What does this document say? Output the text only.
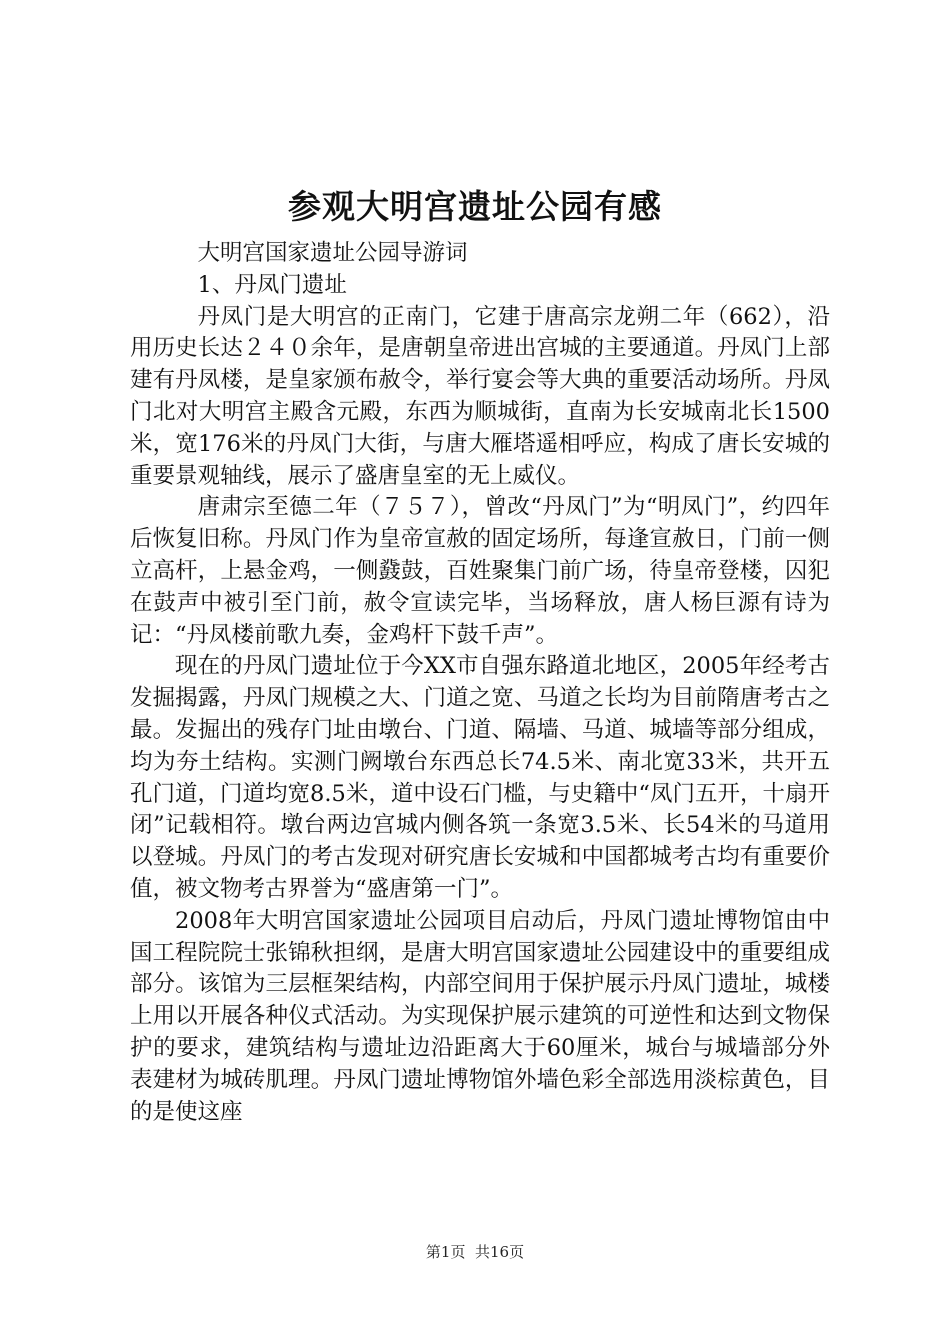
参观大明宫遗址公园有感

大明宫国家遗址公园导游词

1、丹凤门遗址

丹凤门是大明宫的正南门，它建于唐高宗龙朔二年（662），沿用历史长达２４０余年，是唐朝皇帝进出宫城的主要通道。丹凤门上部建有丹凤楼，是皇家颁布赦令，举行宴会等大典的重要活动场所。丹凤门北对大明宫主殿含元殿，东西为顺城街，直南为长安城南北长1500米，宽176米的丹凤门大街，与唐大雁塔遥相呼应，构成了唐长安城的重要景观轴线，展示了盛唐皇室的无上威仪。

唐肃宗至德二年（７５７），曾改“丹凤门”为“明凤门”，约四年后恢复旧称。丹凤门作为皇帝宣赦的固定场所，每逢宣赦日，门前一侧立高杆，上悬金鸡，一侧鼗鼓，百姓聚集门前广场，待皇帝登楼，囚犯在鼓声中被引至门前，赦令宣读完毕，当场释放，唐人杨巨源有诗为记：“丹凤楼前歌九奏，金鸡杆下鼓千声”。

现在的丹凤门遗址位于今XX市自强东路道北地区，2005年经考古发掘揭露，丹凤门规模之大、门道之宽、马道之长均为目前隋唐考古之最。发掘出的残存门址由墩台、门道、隔墙、马道、城墙等部分组成，均为夯土结构。实测门阙墩台东西总长74.5米、南北宽33米，共开五孔门道，门道均宽8.5米，道中设石门槛，与史籍中“凤门五开，十扇开闭”记载相符。墩台两边宫城内侧各筑一条宽3.5米、长54米的马道用以登城。丹凤门的考古发现对研究唐长安城和中国都城考古均有重要价值，被文物考古界誉为“盛唐第一门”。

2008年大明宫国家遗址公园项目启动后，丹凤门遗址博物馆由中国工程院院士张锦秋担纲，是唐大明宫国家遗址公园建设中的重要组成部分。该馆为三层框架结构，内部空间用于保护展示丹凤门遗址，城楼上用以开展各种仪式活动。为实现保护展示建筑的可逆性和达到文物保护的要求，建筑结构与遗址边沿距离大于60厘米，城台与城墙部分外表建材为城砖肌理。丹凤门遗址博物馆外墙色彩全部选用淡棕黄色，目的是使这座

第1页 共16页
